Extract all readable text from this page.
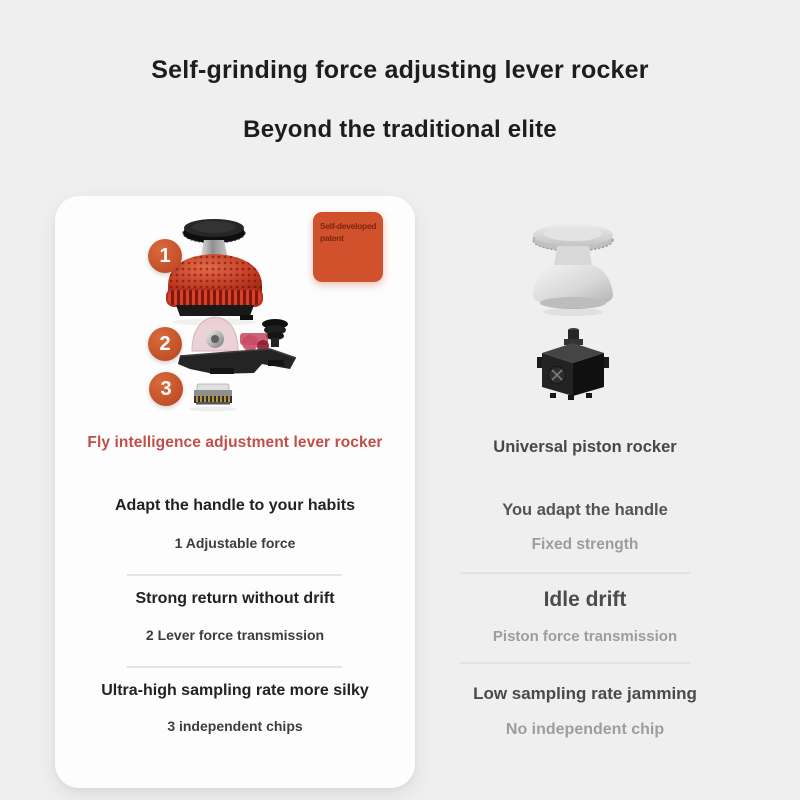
Self-grinding force adjusting lever rocker
Beyond the traditional elite
Self-developed patent
1
2
3
Fly intelligence adjustment lever rocker
Adapt the handle to your habits
1 Adjustable force
Strong return without drift
2 Lever force transmission
Ultra-high sampling rate more silky
3 independent chips
Universal piston rocker
You adapt the handle
Fixed strength
Idle drift
Piston force transmission
Low sampling rate jamming
No independent chip
